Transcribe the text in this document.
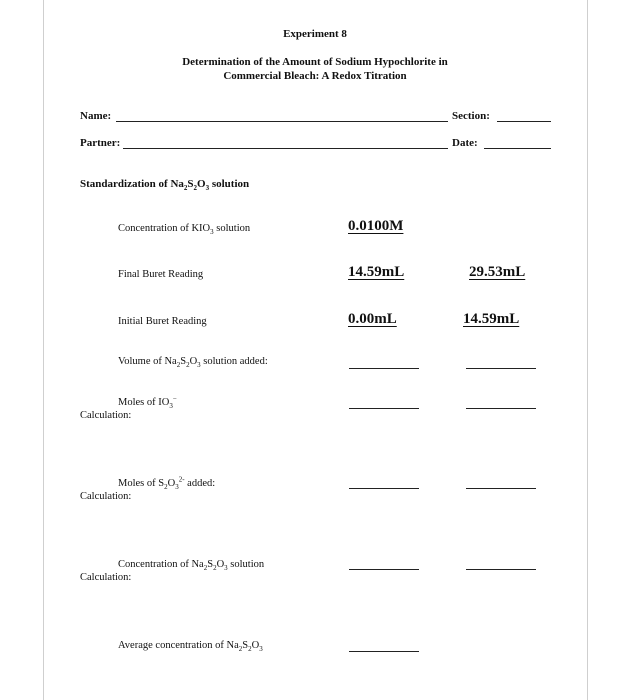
Experiment 8
Determination of the Amount of Sodium Hypochlorite in
Commercial Bleach: A Redox Titration
Name:	Section:
Partner:	Date:
Standardization of $Na_2S_2O_3$ solution
Concentration of $KIO_3$ solution	0.0100M
Final Buret Reading	14.59mL	29.53mL
Initial Buret Reading	0.00mL	14.59mL
Volume of $Na_2S_2O_3$ solution added:
Moles of $IO_3^-$
Calculation:
Moles of $S_2O_3^{2-}$ added:
Calculation:
Concentration of $Na_2S_2O_3$ solution
Calculation:
Average concentration of $Na_2S_2O_3$
